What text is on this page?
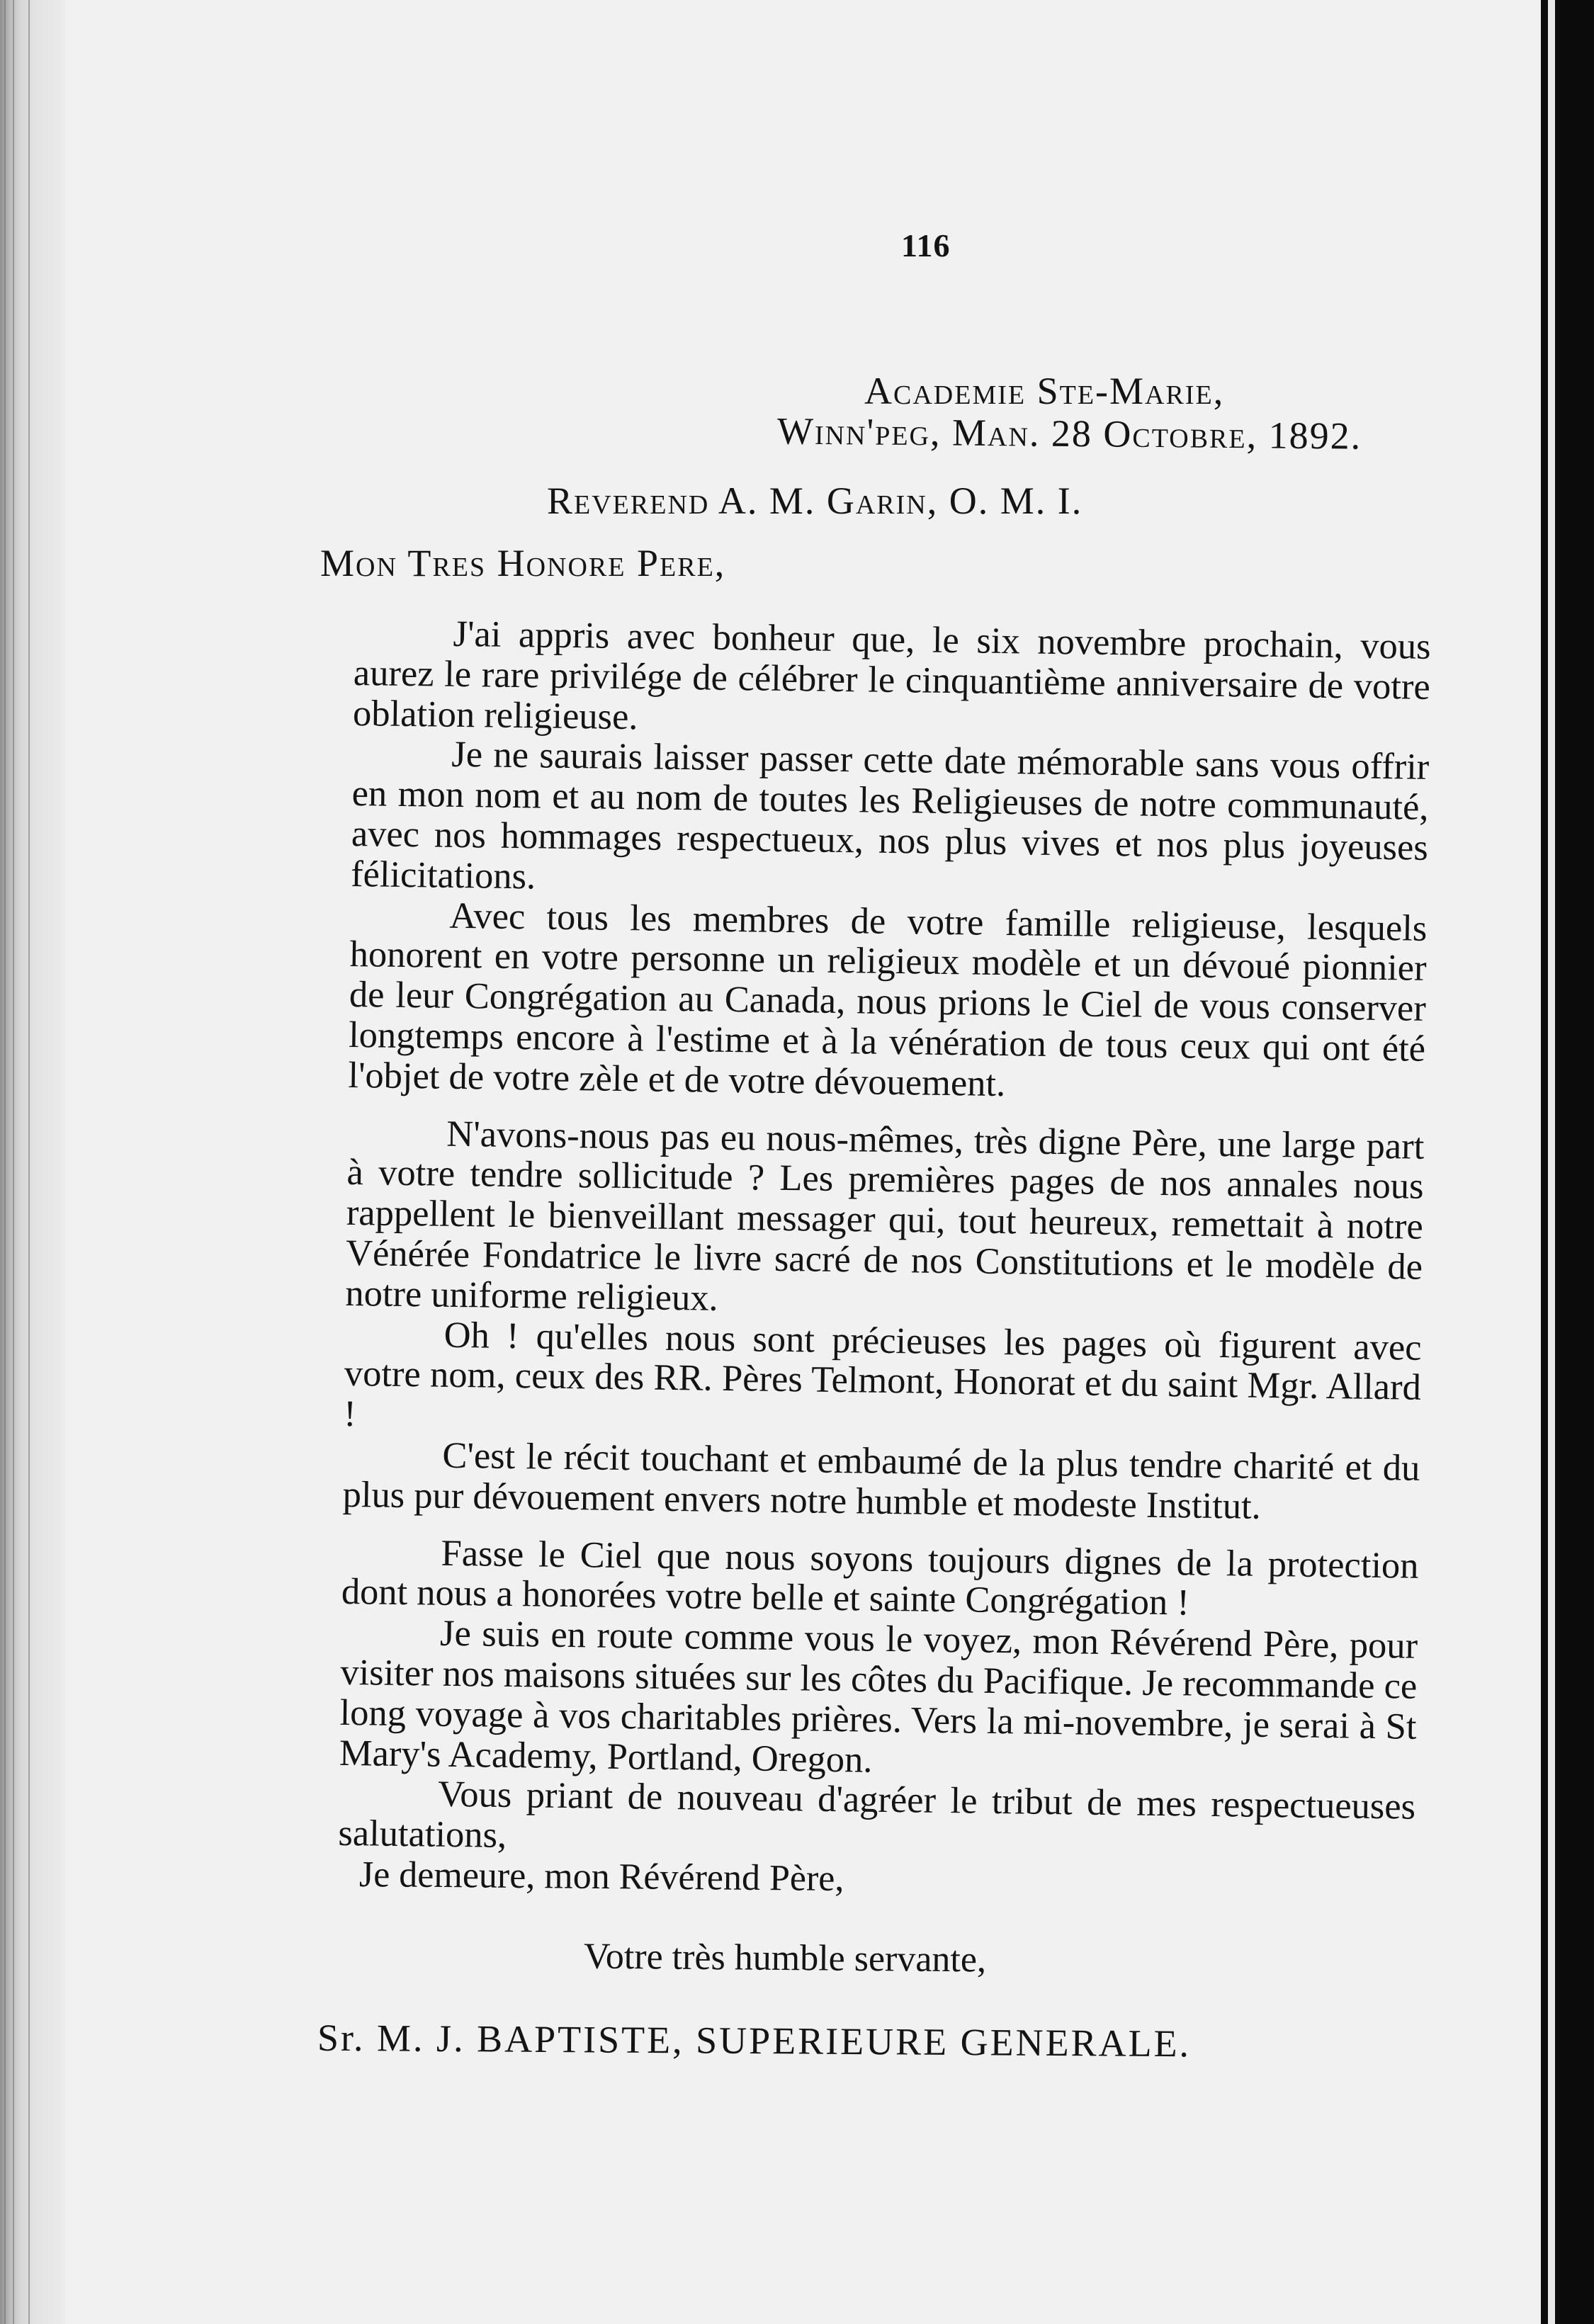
116
Academie Ste-Marie,
Winn'peg, Man. 28 Octobre, 1892.
Reverend A. M. Garin, O. M. I.
Mon Tres Honore Pere,

J'ai appris avec bonheur que, le six novembre prochain, vous aurez le rare privilége de célébrer le cinquantième anniversaire de votre oblation religieuse.

Je ne saurais laisser passer cette date mémorable sans vous offrir en mon nom et au nom de toutes les Religieuses de notre communauté, avec nos hommages respectueux, nos plus vives et nos plus joyeuses félicitations.

Avec tous les membres de votre famille religieuse, lesquels honorent en votre personne un religieux modèle et un dévoué pionnier de leur Congrégation au Canada, nous prions le Ciel de vous conserver longtemps encore à l'estime et à la vénération de tous ceux qui ont été l'objet de votre zèle et de votre dévouement.

N'avons-nous pas eu nous-mêmes, très digne Père, une large part à votre tendre sollicitude ? Les premières pages de nos annales nous rappellent le bienveillant messager qui, tout heureux, remettait à notre Vénérée Fondatrice le livre sacré de nos Constitutions et le modèle de notre uniforme religieux.

Oh ! qu'elles nous sont précieuses les pages où figurent avec votre nom, ceux des RR. Pères Telmont, Honorat et du saint Mgr. Allard !

C'est le récit touchant et embaumé de la plus tendre charité et du plus pur dévouement envers notre humble et modeste Institut.

Fasse le Ciel que nous soyons toujours dignes de la protection dont nous a honorées votre belle et sainte Congrégation !

Je suis en route comme vous le voyez, mon Révérend Père, pour visiter nos maisons situées sur les côtes du Pacifique. Je recommande ce long voyage à vos charitables prières. Vers la mi-novembre, je serai à St Mary's Academy, Portland, Oregon.

Vous priant de nouveau d'agréer le tribut de mes respectueuses salutations,

Je demeure, mon Révérend Père,
Votre très humble servante,
Sr. M. J. BAPTISTE, SUPERIEURE GENERALE.
